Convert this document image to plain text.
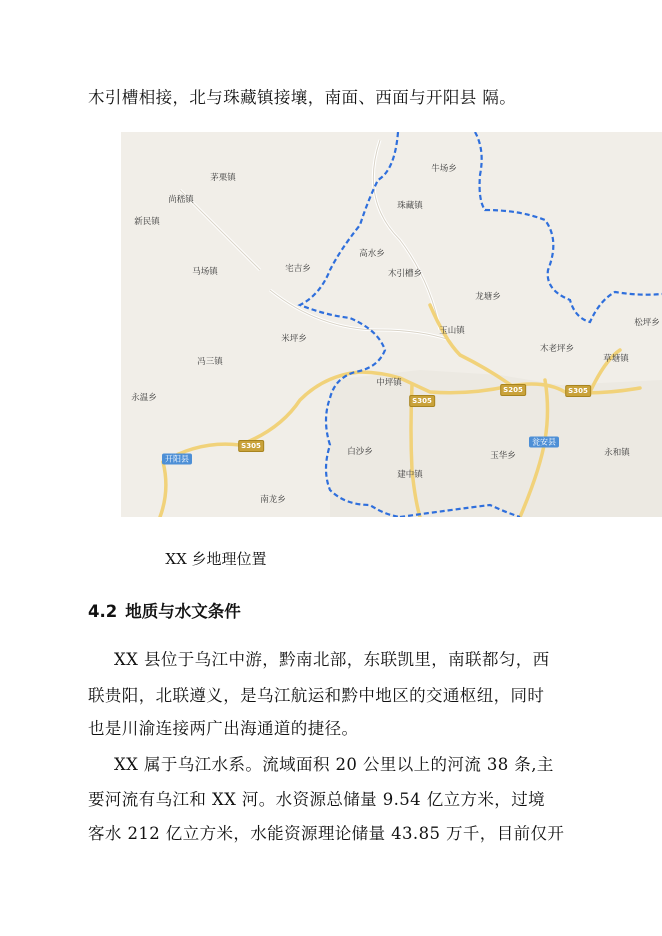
木引槽相接，北与珠藏镇接壤，南面、西面与开阳县 隔。
茅栗镇
尚嵇镇
新民镇
马场镇	宅吉乡
高水乡
木引槽乡
珠藏镇
牛场乡
龙塘乡
玉山镇
松坪乡
木老坪乡
草塘镇
米坪乡
冯三镇
永温乡
中坪镇
白沙乡	玉华乡	永和镇
建中镇
南龙乡
S305
S205	S305
S305
开阳县
瓮安县
XX 乡地理位置
4.2 地质与水文条件
XX 县位于乌江中游，黔南北部，东联凯里，南联都匀，西
联贵阳，北联遵义，是乌江航运和黔中地区的交通枢纽，同时
也是川渝连接两广出海通道的捷径。
XX 属于乌江水系。流域面积 20 公里以上的河流 38 条,主
要河流有乌江和 XX 河。水资源总储量 9.54 亿立方米，过境
客水 212 亿立方米，水能资源理论储量 43.85 万千，目前仅开
